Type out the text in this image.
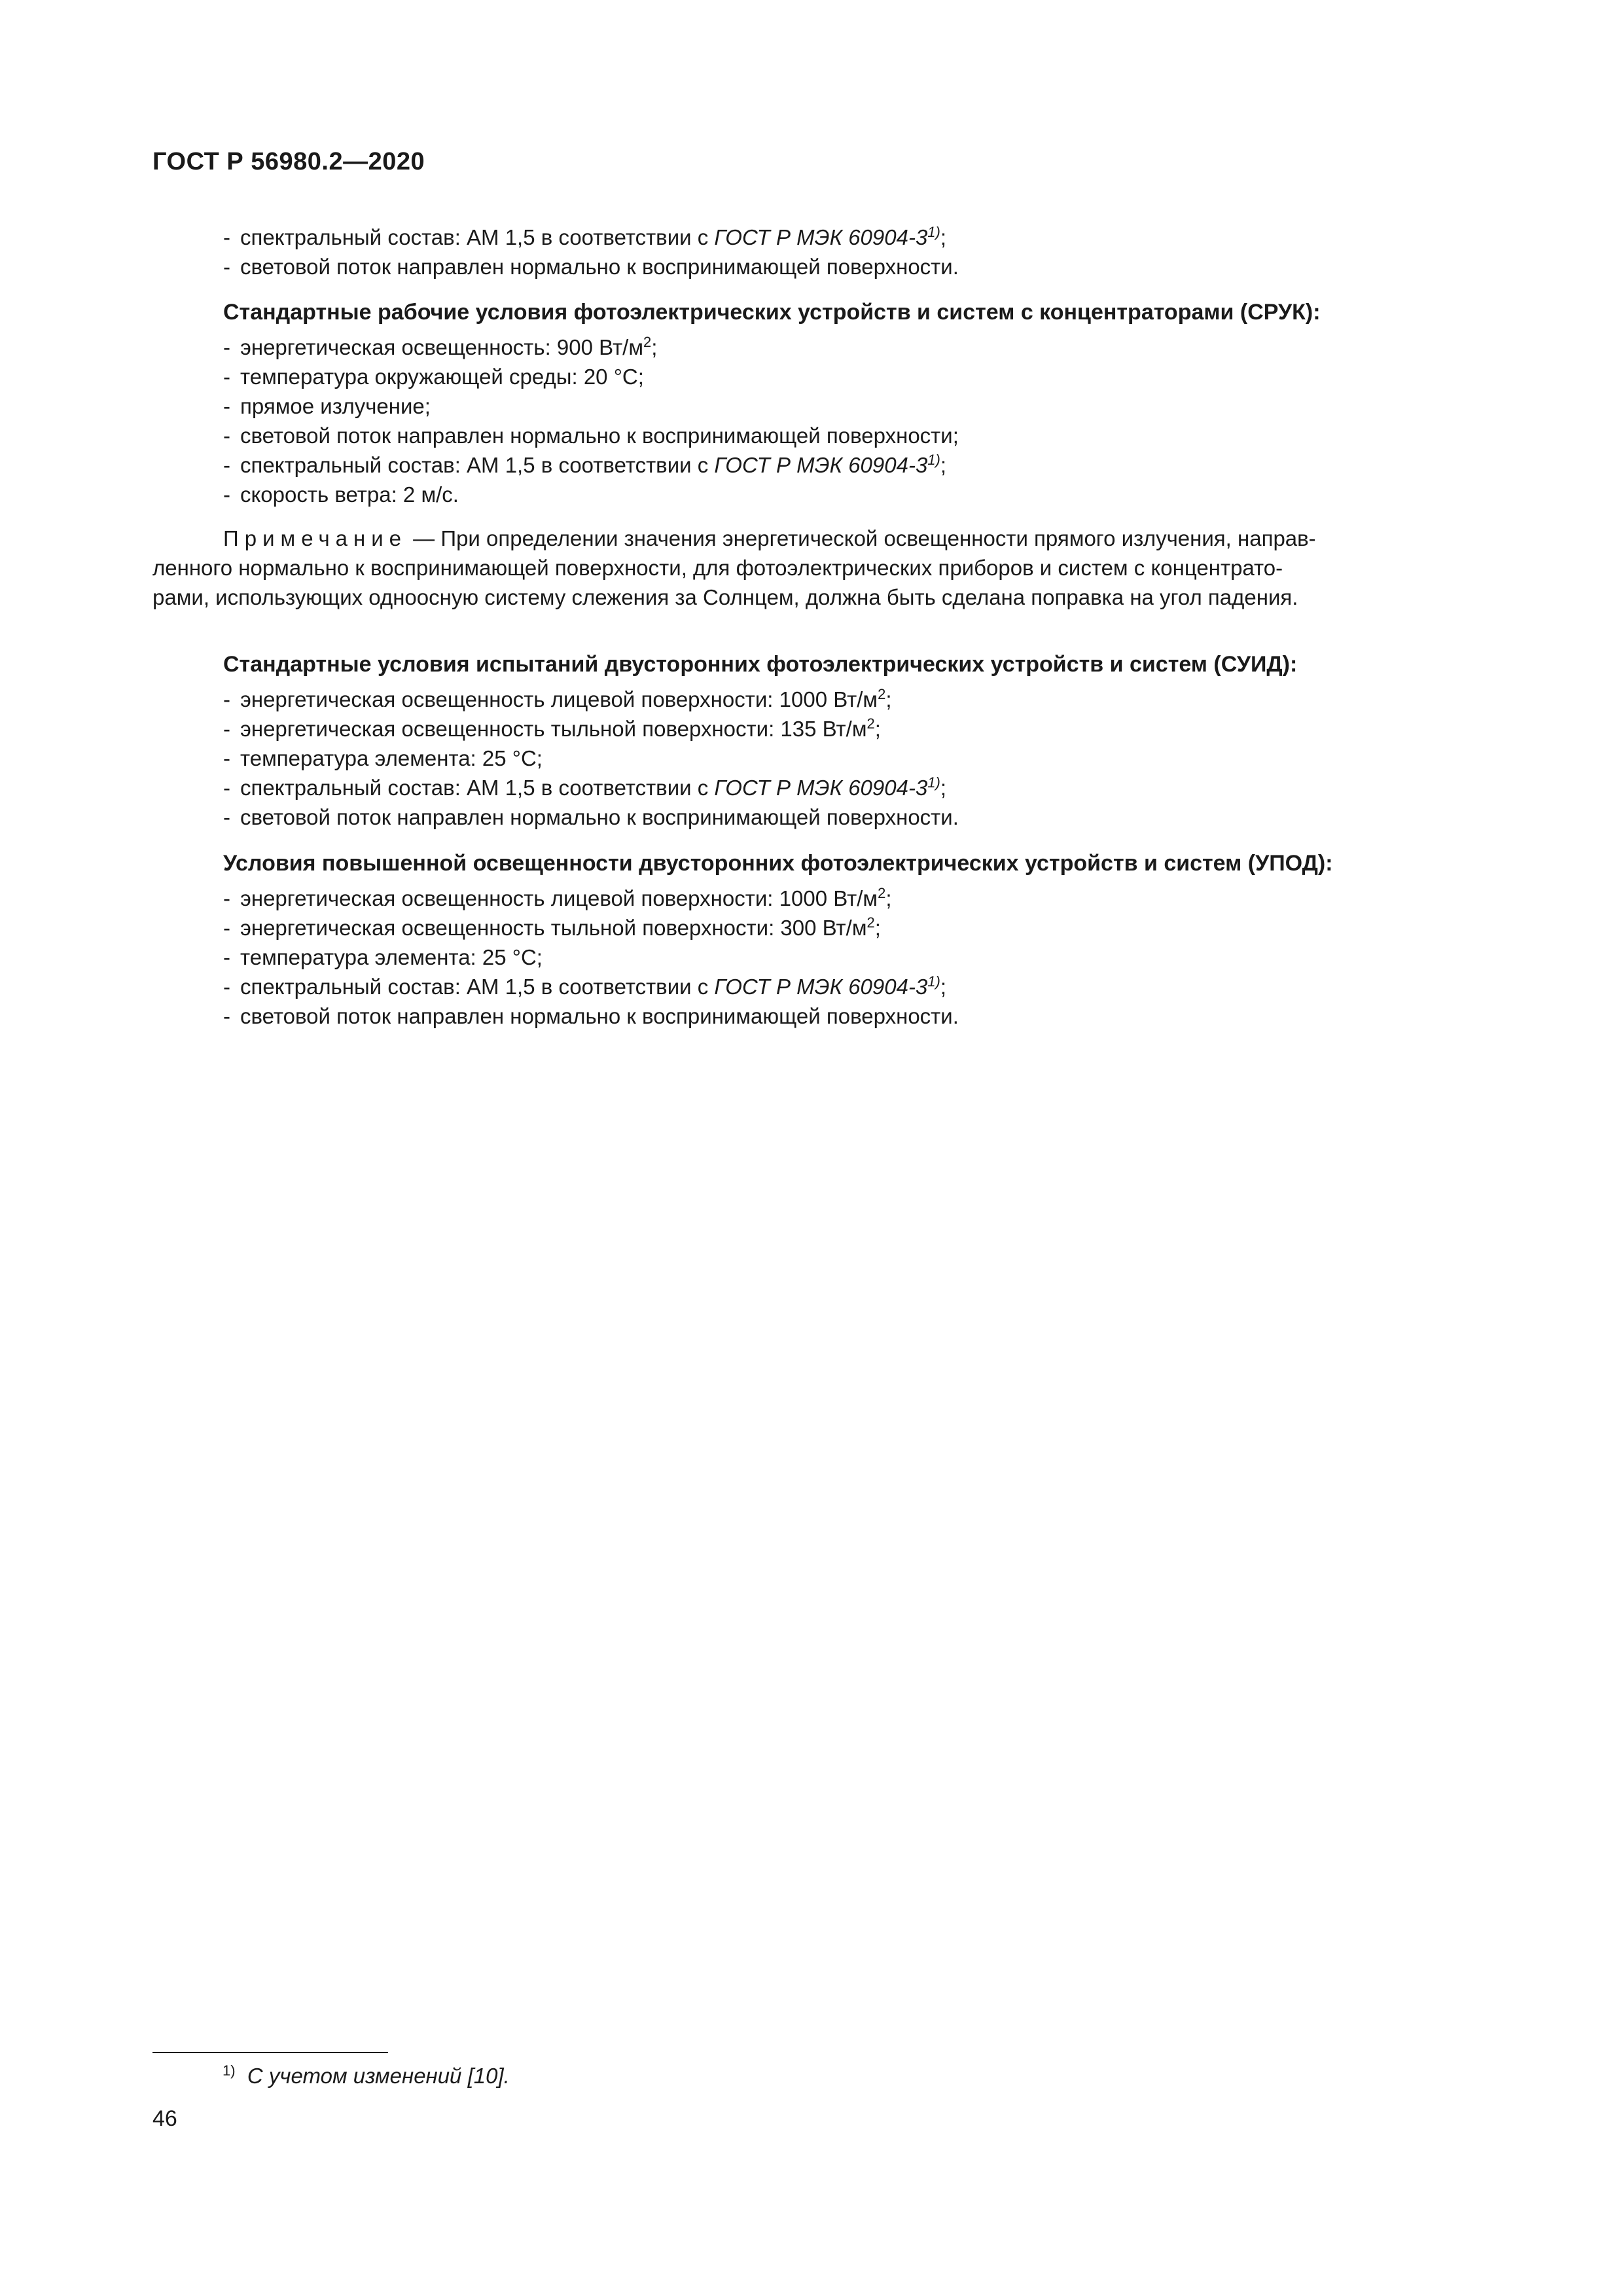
ГОСТ Р 56980.2—2020
- спектральный состав: АМ 1,5 в соответствии с ГОСТ Р МЭК 60904-3$^{1)}$;
- световой поток направлен нормально к воспринимающей поверхности.
Стандартные рабочие условия фотоэлектрических устройств и систем с концентраторами (СРУК):
- энергетическая освещенность: 900 $Вт/м^2$;
- температура окружающей среды: 20 °С;
- прямое излучение;
- световой поток направлен нормально к воспринимающей поверхности;
- спектральный состав: АМ 1,5 в соответствии с ГОСТ Р МЭК 60904-3$^{1)}$;
- скорость ветра: 2 м/с.
Примечание — При определении значения энергетической освещенности прямого излучения, направ-
ленного нормально к воспринимающей поверхности, для фотоэлектрических приборов и систем с концентрато-
рами, использующих одноосную систему слежения за Солнцем, должна быть сделана поправка на угол падения.
Стандартные условия испытаний двусторонних фотоэлектрических устройств и систем (СУИД):
- энергетическая освещенность лицевой поверхности: 1000 $Вт/м^2$;
- энергетическая освещенность тыльной поверхности: 135 $Вт/м^2$;
- температура элемента: 25 °С;
- спектральный состав: АМ 1,5 в соответствии с ГОСТ Р МЭК 60904-3$^{1)}$;
- световой поток направлен нормально к воспринимающей поверхности.
Условия повышенной освещенности двусторонних фотоэлектрических устройств и систем (УПОД):
- энергетическая освещенность лицевой поверхности: 1000 $Вт/м^2$;
- энергетическая освещенность тыльной поверхности: 300 $Вт/м^2$;
- температура элемента: 25 °С;
- спектральный состав: АМ 1,5 в соответствии с ГОСТ Р МЭК 60904-3$^{1)}$;
- световой поток направлен нормально к воспринимающей поверхности.
$^{1)}$ С учетом изменений [10].
46
